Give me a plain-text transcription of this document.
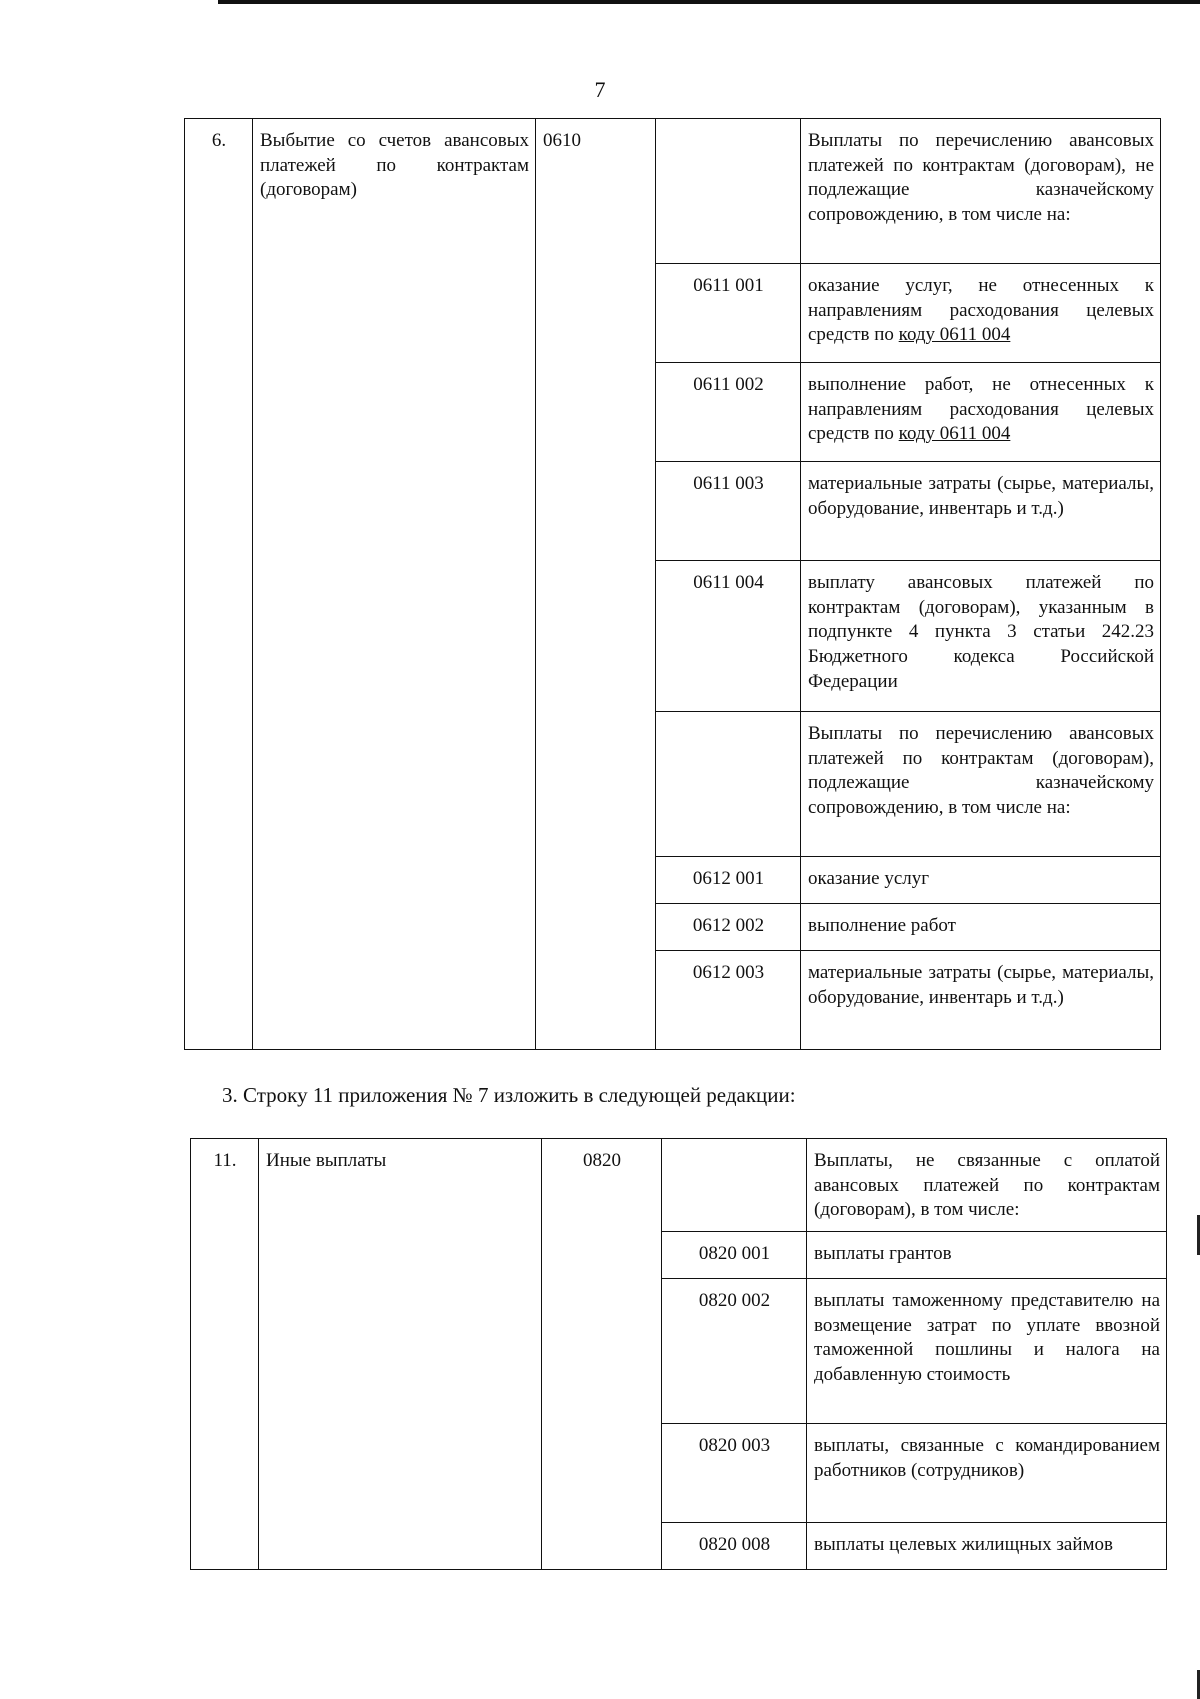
7
6.	Выбытие со счетов авансовых платежей по контрактам (договорам)	0610		Выплаты по перечислению авансовых платежей по контрактам (договорам), не подлежащие казначейскому сопровождению, в том числе на:
			0611 001	оказание услуг, не отнесенных к направлениям расходования целевых средств по коду 0611 004
			0611 002	выполнение работ, не отнесенных к направлениям расходования целевых средств по коду 0611 004
			0611 003	материальные затраты (сырье, материалы, оборудование, инвентарь и т.д.)
			0611 004	выплату авансовых платежей по контрактам (договорам), указанным в подпункте 4 пункта 3 статьи 242.23 Бюджетного кодекса Российской Федерации
				Выплаты по перечислению авансовых платежей по контрактам (договорам), подлежащие казначейскому сопровождению, в том числе на:
			0612 001	оказание услуг
			0612 002	выполнение работ
			0612 003	материальные затраты (сырье, материалы, оборудование, инвентарь и т.д.)
3. Строку 11 приложения № 7 изложить в следующей редакции:
11.	Иные выплаты	0820		Выплаты, не связанные с оплатой авансовых платежей по контрактам (договорам), в том числе:
			0820 001	выплаты грантов
			0820 002	выплаты таможенному представителю на возмещение затрат по уплате ввозной таможенной пошлины и налога на добавленную стоимость
			0820 003	выплаты, связанные с командированием работников (сотрудников)
			0820 008	выплаты целевых жилищных займов
